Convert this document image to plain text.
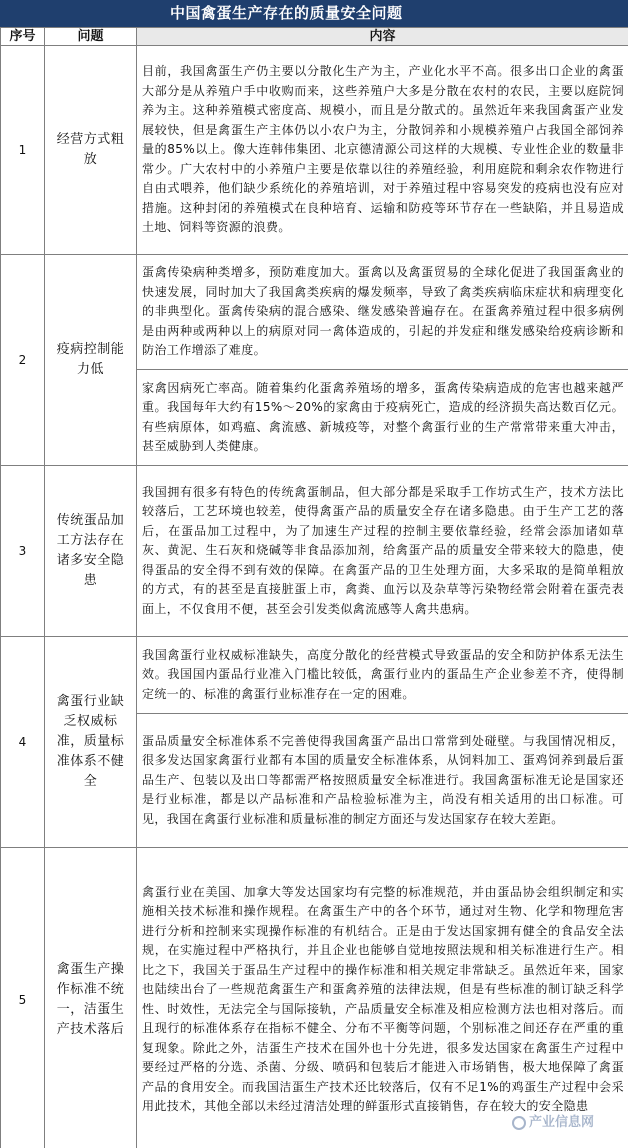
中国禽蛋生产存在的质量安全问题
序号	问题	内容
1	经营方式粗放	目前，我国禽蛋生产仍主要以分散化生产为主，产业化水平不高。很多出口企业的禽蛋大部分是从养殖户手中收购而来，这些养殖户大多是分散在农村的农民，主要以庭院饲养为主。这种养殖模式密度高、规模小，而且是分散式的。虽然近年来我国禽蛋产业发展较快，但是禽蛋生产主体仍以小农户为主，分散饲养和小规模养殖户占我国全部饲养量的85%以上。像大连韩伟集团、北京德清源公司这样的大规模、专业性企业的数量非常少。广大农村中的小养殖户主要是依靠以往的养殖经验，利用庭院和剩余农作物进行自由式喂养，他们缺少系统化的养殖培训，对于养殖过程中容易突发的疫病也没有应对措施。这种封闭的养殖模式在良种培育、运输和防疫等环节存在一些缺陷，并且易造成土地、饲料等资源的浪费。
2	疫病控制能力低	蛋禽传染病种类增多，预防难度加大。蛋禽以及禽蛋贸易的全球化促进了我国蛋禽业的快速发展，同时加大了我国禽类疾病的爆发频率，导致了禽类疾病临床症状和病理变化的非典型化。蛋禽传染病的混合感染、继发感染普遍存在。在蛋禽养殖过程中很多病例是由两种或两种以上的病原对同一禽体造成的，引起的并发症和继发感染给疫病诊断和防治工作增添了难度。
		家禽因病死亡率高。随着集约化蛋禽养殖场的增多，蛋禽传染病造成的危害也越来越严重。我国每年大约有15%～20%的家禽由于疫病死亡，造成的经济损失高达数百亿元。有些病原体，如鸡瘟、禽流感、新城疫等，对整个禽蛋行业的生产常常带来重大冲击，甚至威胁到人类健康。
3	传统蛋品加工方法存在诸多安全隐患	我国拥有很多有特色的传统禽蛋制品，但大部分都是采取手工作坊式生产，技术方法比较落后，工艺环境也较差，使得禽蛋产品的质量安全存在诸多隐患。由于生产工艺的落后，在蛋品加工过程中，为了加速生产过程的控制主要依靠经验，经常会添加诸如草灰、黄泥、生石灰和烧碱等非食品添加剂，给禽蛋产品的质量安全带来较大的隐患，使得蛋品的安全得不到有效的保障。在禽蛋产品的卫生处理方面，大多采取的是简单粗放的方式，有的甚至是直接脏蛋上市，禽粪、血污以及杂草等污染物经常会附着在蛋壳表面上，不仅食用不便，甚至会引发类似禽流感等人禽共患病。
4	禽蛋行业缺乏权威标准，质量标准体系不健全	我国禽蛋行业权威标准缺失，高度分散化的经营模式导致蛋品的安全和防护体系无法生效。我国国内蛋品行业准入门槛比较低，禽蛋行业内的蛋品生产企业参差不齐，使得制定统一的、标准的禽蛋行业标准存在一定的困难。
		蛋品质量安全标准体系不完善使得我国禽蛋产品出口常常到处碰壁。与我国情况相反，很多发达国家禽蛋行业都有本国的质量安全标准体系，从饲料加工、蛋鸡饲养到最后蛋品生产、包装以及出口等都需严格按照质量安全标准进行。我国禽蛋标准无论是国家还是行业标准，都是以产品标准和产品检验标准为主，尚没有相关适用的出口标准。可见，我国在禽蛋行业标准和质量标准的制定方面还与发达国家存在较大差距。
5	禽蛋生产操作标准不统一，洁蛋生产技术落后	禽蛋行业在美国、加拿大等发达国家均有完整的标准规范，并由蛋品协会组织制定和实施相关技术标准和操作规程。在禽蛋生产中的各个环节，通过对生物、化学和物理危害进行分析和控制来实现操作标准的有机结合。正是由于发达国家拥有健全的食品安全法规，在实施过程中严格执行，并且企业也能够自觉地按照法规和相关标准进行生产。相比之下，我国关于蛋品生产过程中的操作标准和相关规定非常缺乏。虽然近年来，国家也陆续出台了一些规范禽蛋生产和蛋禽养殖的法律法规，但是有些标准的制订缺乏科学性、时效性，无法完全与国际接轨，产品质量安全标准及相应检测方法也相对落后。而且现行的标准体系存在指标不健全、分布不平衡等问题，个别标准之间还存在严重的重复现象。除此之外，洁蛋生产技术在国外也十分先进，很多发达国家在禽蛋生产过程中要经过严格的分选、杀菌、分级、喷码和包装后才能进入市场销售，极大地保障了禽蛋产品的食用安全。而我国洁蛋生产技术还比较落后，仅有不足1%的鸡蛋生产过程中会采用此技术，其他全部以未经过清洁处理的鲜蛋形式直接销售，存在较大的安全隐患
产业信息网
